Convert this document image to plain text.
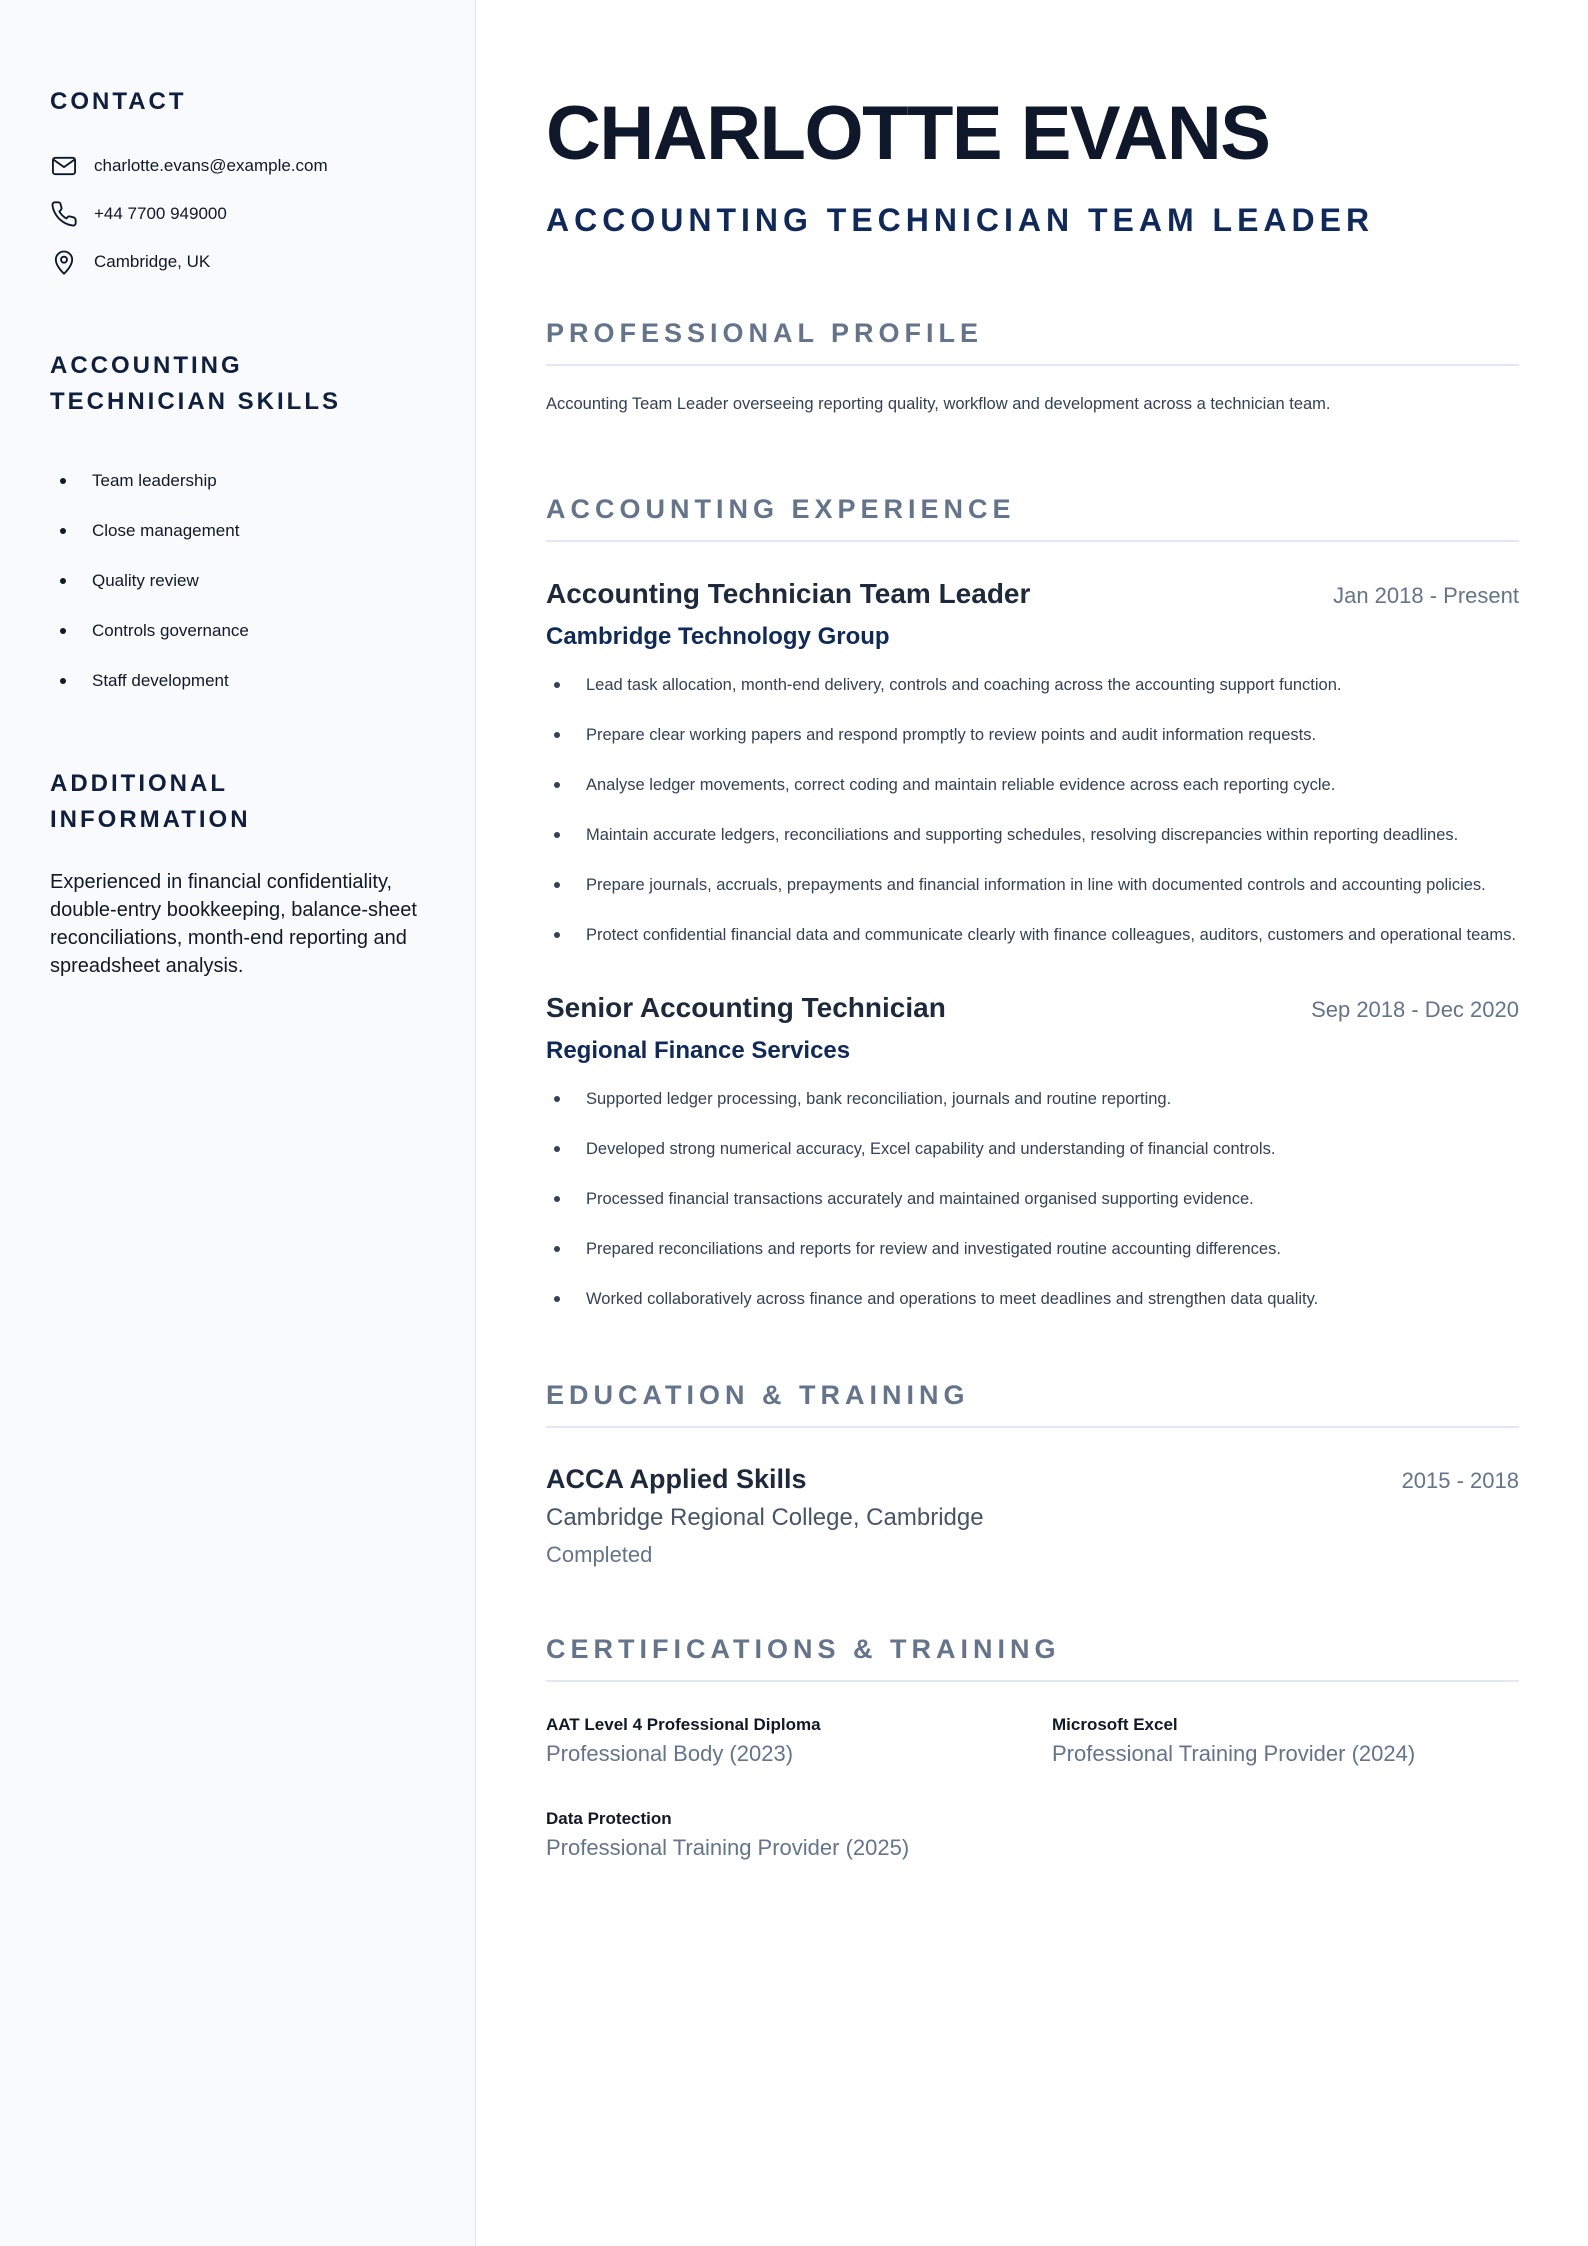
CONTACT
charlotte.evans@example.com
+44 7700 949000
Cambridge, UK
ACCOUNTING TECHNICIAN SKILLS
Team leadership
Close management
Quality review
Controls governance
Staff development
ADDITIONAL INFORMATION

Experienced in financial confidentiality, double-entry bookkeeping, balance-sheet reconciliations, month-end reporting and spreadsheet analysis.

CHARLOTTE EVANS
ACCOUNTING TECHNICIAN TEAM LEADER
PROFESSIONAL PROFILE

Accounting Team Leader overseeing reporting quality, workflow and development across a technician team.

ACCOUNTING EXPERIENCE
Accounting Technician Team Leader	Jan 2018 - Present
Cambridge Technology Group
Lead task allocation, month-end delivery, controls and coaching across the accounting support function.
Prepare clear working papers and respond promptly to review points and audit information requests.
Analyse ledger movements, correct coding and maintain reliable evidence across each reporting cycle.
Maintain accurate ledgers, reconciliations and supporting schedules, resolving discrepancies within reporting deadlines.
Prepare journals, accruals, prepayments and financial information in line with documented controls and accounting policies.
Protect confidential financial data and communicate clearly with finance colleagues, auditors, customers and operational teams.
Senior Accounting Technician	Sep 2018 - Dec 2020
Regional Finance Services
Supported ledger processing, bank reconciliation, journals and routine reporting.
Developed strong numerical accuracy, Excel capability and understanding of financial controls.
Processed financial transactions accurately and maintained organised supporting evidence.
Prepared reconciliations and reports for review and investigated routine accounting differences.
Worked collaboratively across finance and operations to meet deadlines and strengthen data quality.
EDUCATION & TRAINING
ACCA Applied Skills	2015 - 2018
Cambridge Regional College, Cambridge
Completed
CERTIFICATIONS & TRAINING
AAT Level 4 Professional Diploma
Professional Body (2023)
Microsoft Excel
Professional Training Provider (2024)
Data Protection
Professional Training Provider (2025)
